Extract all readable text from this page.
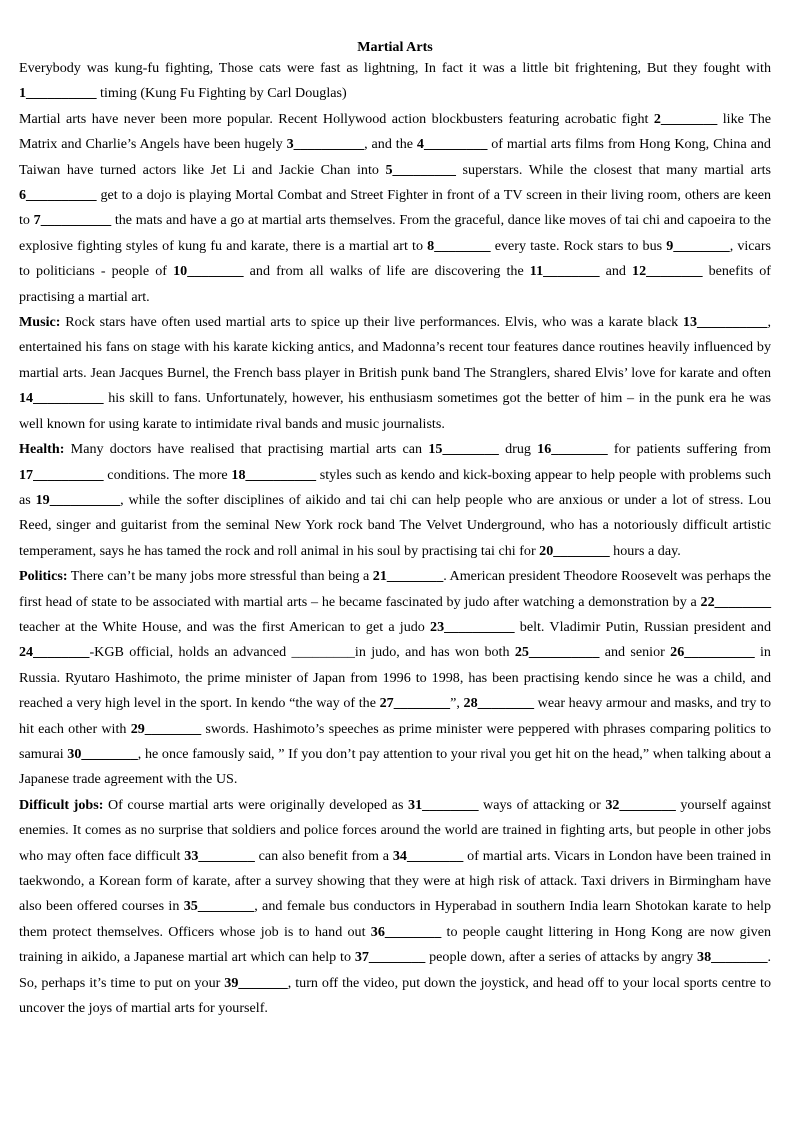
Martial Arts

Everybody was kung-fu fighting, Those cats were fast as lightning, In fact it was a little bit frightening, But they fought with 1__________ timing (Kung Fu Fighting by Carl Douglas)

Martial arts have never been more popular. Recent Hollywood action blockbusters featuring acrobatic fight 2________ like The Matrix and Charlie’s Angels have been hugely 3__________, and the 4_________ of martial arts films from Hong Kong, China and Taiwan have turned actors like Jet Li and Jackie Chan into 5_________ superstars. While the closest that many martial arts 6__________ get to a dojo is playing Mortal Combat and Street Fighter in front of a TV screen in their living room, others are keen to 7__________ the mats and have a go at martial arts themselves. From the graceful, dance like moves of tai chi and capoeira to the explosive fighting styles of kung fu and karate, there is a martial art to 8________ every taste. Rock stars to bus 9________, vicars to politicians - people of 10________ and from all walks of life are discovering the 11________ and 12________ benefits of practising a martial art.

Music: Rock stars have often used martial arts to spice up their live performances. Elvis, who was a karate black 13__________, entertained his fans on stage with his karate kicking antics, and Madonna’s recent tour features dance routines heavily influenced by martial arts. Jean Jacques Burnel, the French bass player in British punk band The Stranglers, shared Elvis’ love for karate and often 14__________ his skill to fans. Unfortunately, however, his enthusiasm sometimes got the better of him – in the punk era he was well known for using karate to intimidate rival bands and music journalists.

Health: Many doctors have realised that practising martial arts can 15________ drug 16________ for patients suffering from 17__________ conditions. The more 18__________ styles such as kendo and kick-boxing appear to help people with problems such as 19__________, while the softer disciplines of aikido and tai chi can help people who are anxious or under a lot of stress. Lou Reed, singer and guitarist from the seminal New York rock band The Velvet Underground, who has a notoriously difficult artistic temperament, says he has tamed the rock and roll animal in his soul by practising tai chi for 20________ hours a day.

Politics: There can’t be many jobs more stressful than being a 21________. American president Theodore Roosevelt was perhaps the first head of state to be associated with martial arts – he became fascinated by judo after watching a demonstration by a 22________ teacher at the White House, and was the first American to get a judo 23__________ belt. Vladimir Putin, Russian president and 24________-KGB official, holds an advanced _________in judo, and has won both 25__________ and senior 26__________ in Russia. Ryutaro Hashimoto, the prime minister of Japan from 1996 to 1998, has been practising kendo since he was a child, and reached a very high level in the sport. In kendo “the way of the 27________”, 28________ wear heavy armour and masks, and try to hit each other with 29________ swords. Hashimoto’s speeches as prime minister were peppered with phrases comparing politics to samurai 30________, he once famously said, ” If you don’t pay attention to your rival you get hit on the head,” when talking about a Japanese trade agreement with the US.

Difficult jobs: Of course martial arts were originally developed as 31________ ways of attacking or 32________ yourself against enemies. It comes as no surprise that soldiers and police forces around the world are trained in fighting arts, but people in other jobs who may often face difficult 33________ can also benefit from a 34________ of martial arts. Vicars in London have been trained in taekwondo, a Korean form of karate, after a survey showing that they were at high risk of attack. Taxi drivers in Birmingham have also been offered courses in 35________, and female bus conductors in Hyperabad in southern India learn Shotokan karate to help them protect themselves. Officers whose job is to hand out 36________ to people caught littering in Hong Kong are now given training in aikido, a Japanese martial art which can help to 37________ people down, after a series of attacks by angry 38________. So, perhaps it’s time to put on your 39_______, turn off the video, put down the joystick, and head off to your local sports centre to uncover the joys of martial arts for yourself.
